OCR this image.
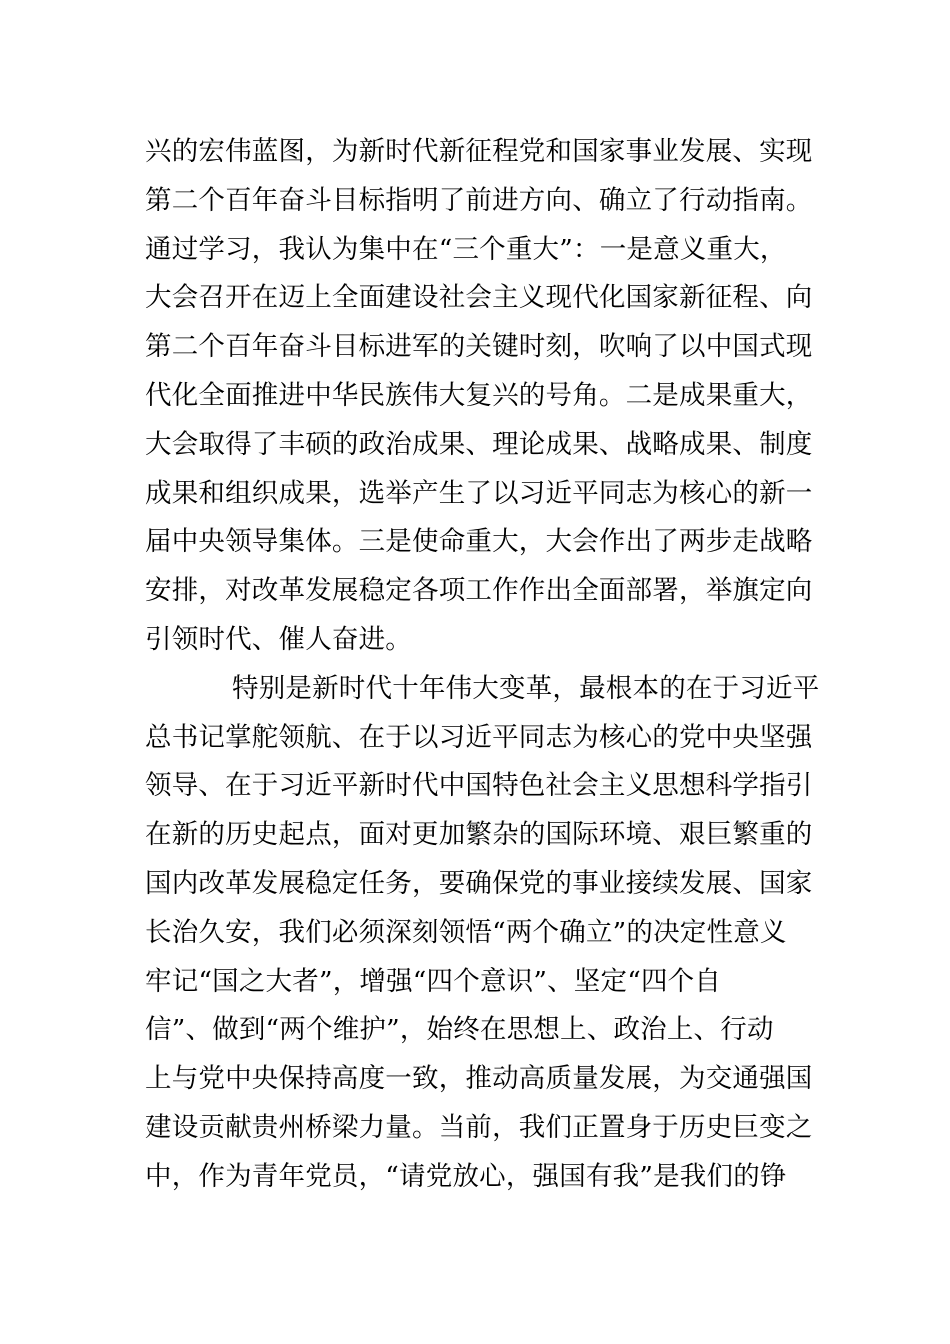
兴的宏伟蓝图，为新时代新征程党和国家事业发展、实现
第二个百年奋斗目标指明了前进方向、确立了行动指南。
通过学习，我认为集中在“三个重大”：一是意义重大，
大会召开在迈上全面建设社会主义现代化国家新征程、向
第二个百年奋斗目标进军的关键时刻，吹响了以中国式现
代化全面推进中华民族伟大复兴的号角。二是成果重大，
大会取得了丰硕的政治成果、理论成果、战略成果、制度
成果和组织成果，选举产生了以习近平同志为核心的新一
届中央领导集体。三是使命重大，大会作出了两步走战略
安排，对改革发展稳定各项工作作出全面部署，举旗定向
引领时代、催人奋进。
特别是新时代十年伟大变革，最根本的在于习近平
总书记掌舵领航、在于以习近平同志为核心的党中央坚强
领导、在于习近平新时代中国特色社会主义思想科学指引
在新的历史起点，面对更加繁杂的国际环境、艰巨繁重的
国内改革发展稳定任务，要确保党的事业接续发展、国家
长治久安，我们必须深刻领悟“两个确立”的决定性意义
牢记“国之大者”，增强“四个意识”、坚定“四个自
信”、做到“两个维护”，始终在思想上、政治上、行动
上与党中央保持高度一致，推动高质量发展，为交通强国
建设贡献贵州桥梁力量。当前，我们正置身于历史巨变之
中，作为青年党员，“请党放心，强国有我”是我们的铮
